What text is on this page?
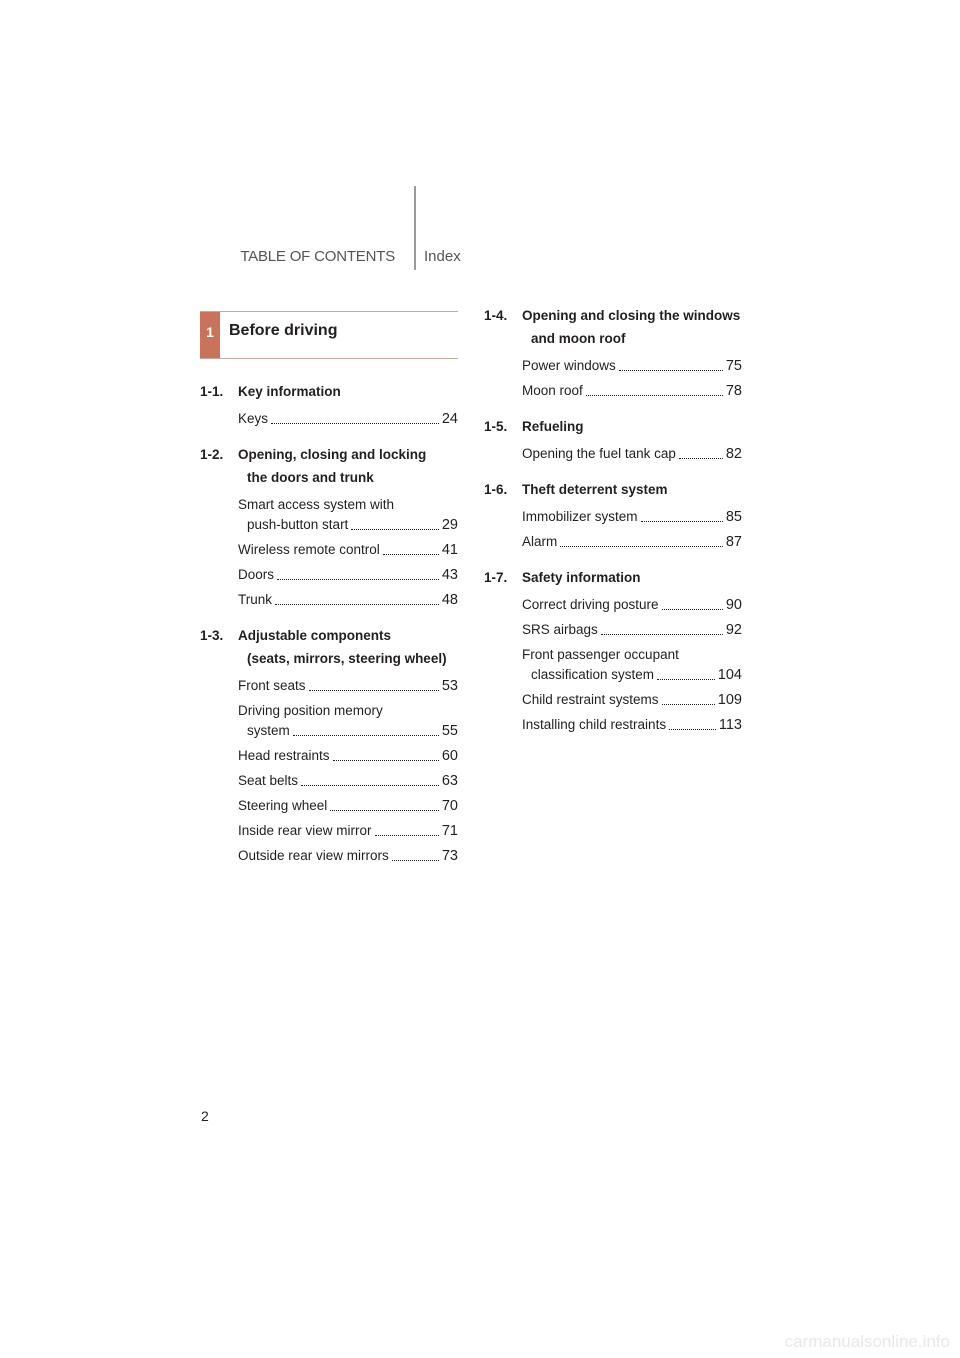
TABLE OF CONTENTS Index
1 Before driving
1-1. Key information
Keys	24
1-2. Opening, closing and locking
the doors and trunk
Smart access system with
push-button start	29
Wireless remote control	41
Doors	43
Trunk	48
1-3. Adjustable components
(seats, mirrors, steering wheel)
Front seats	53
Driving position memory
system	55
Head restraints	60
Seat belts	63
Steering wheel	70
Inside rear view mirror	71
Outside rear view mirrors	73
1-4. Opening and closing the windows
and moon roof
Power windows	75
Moon roof	78
1-5. Refueling
Opening the fuel tank cap	82
1-6. Theft deterrent system
Immobilizer system	85
Alarm	87
1-7. Safety information
Correct driving posture	90
SRS airbags	92
Front passenger occupant
classification system	104
Child restraint systems	109
Installing child restraints	113
2
carmanualsonline.info
